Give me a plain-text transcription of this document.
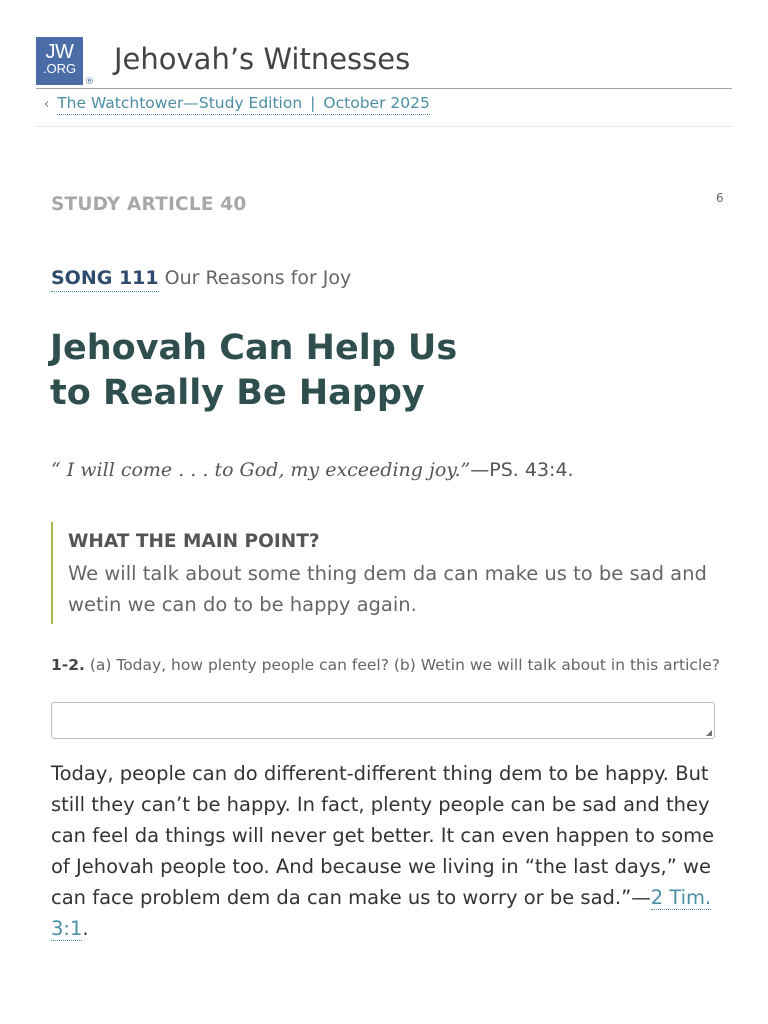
JW
.ORG
®
Jehovah’s Witnesses
‹ The Watchtower—Study Edition | October 2025
STUDY ARTICLE 40	6
SONG 111 Our Reasons for Joy
Jehovah Can Help Us
to Really Be Happy
“ I will come . . . to God, my exceeding joy.”—PS. 43:4.
WHAT THE MAIN POINT?
We will talk about some thing dem da can make us to be sad and wetin we can do to be happy again.
1-2. (a) Today, how plenty people can feel? (b) Wetin we will talk about in this article?
◢

Today, people can do different-different thing dem to be happy. But still they can’t be happy. In fact, plenty people can be sad and they can feel da things will never get better. It can even happen to some of Jehovah people too. And because we living in “the last days,” we can face problem dem da can make us to worry or be sad.”—2 Tim. 3:1.
